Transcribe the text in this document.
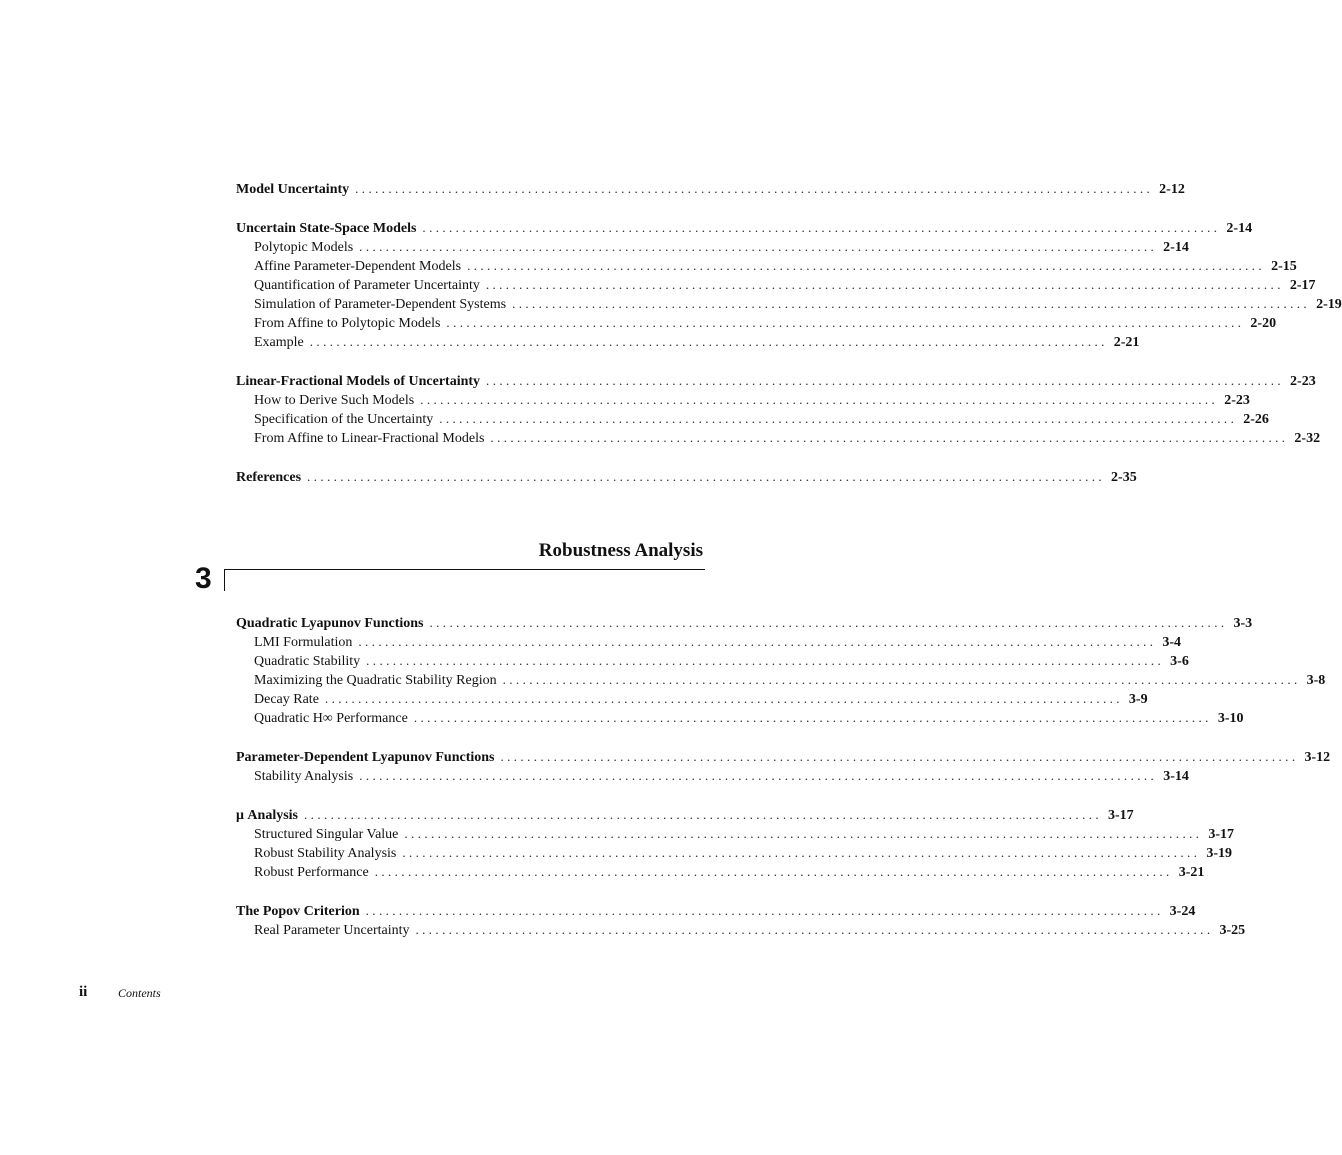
Model Uncertainty ........................................................................................................................ 2-12
Uncertain State-Space Models ........................................................................................................................ 2-14
Polytopic Models ........................................................................................................................ 2-14
Affine Parameter-Dependent Models ........................................................................................................................ 2-15
Quantification of Parameter Uncertainty ........................................................................................................................ 2-17
Simulation of Parameter-Dependent Systems ........................................................................................................................ 2-19
From Affine to Polytopic Models ........................................................................................................................ 2-20
Example ........................................................................................................................ 2-21
Linear-Fractional Models of Uncertainty ........................................................................................................................ 2-23
How to Derive Such Models ........................................................................................................................ 2-23
Specification of the Uncertainty ........................................................................................................................ 2-26
From Affine to Linear-Fractional Models ........................................................................................................................ 2-32
References ........................................................................................................................ 2-35
Robustness Analysis
3
Quadratic Lyapunov Functions ........................................................................................................................ 3-3
LMI Formulation ........................................................................................................................ 3-4
Quadratic Stability ........................................................................................................................ 3-6
Maximizing the Quadratic Stability Region ........................................................................................................................ 3-8
Decay Rate ........................................................................................................................ 3-9
Quadratic H∞ Performance ........................................................................................................................ 3-10
Parameter-Dependent Lyapunov Functions ........................................................................................................................ 3-12
Stability Analysis ........................................................................................................................ 3-14
μ Analysis ........................................................................................................................ 3-17
Structured Singular Value ........................................................................................................................ 3-17
Robust Stability Analysis ........................................................................................................................ 3-19
Robust Performance ........................................................................................................................ 3-21
The Popov Criterion ........................................................................................................................ 3-24
Real Parameter Uncertainty ........................................................................................................................ 3-25
ii	Contents
